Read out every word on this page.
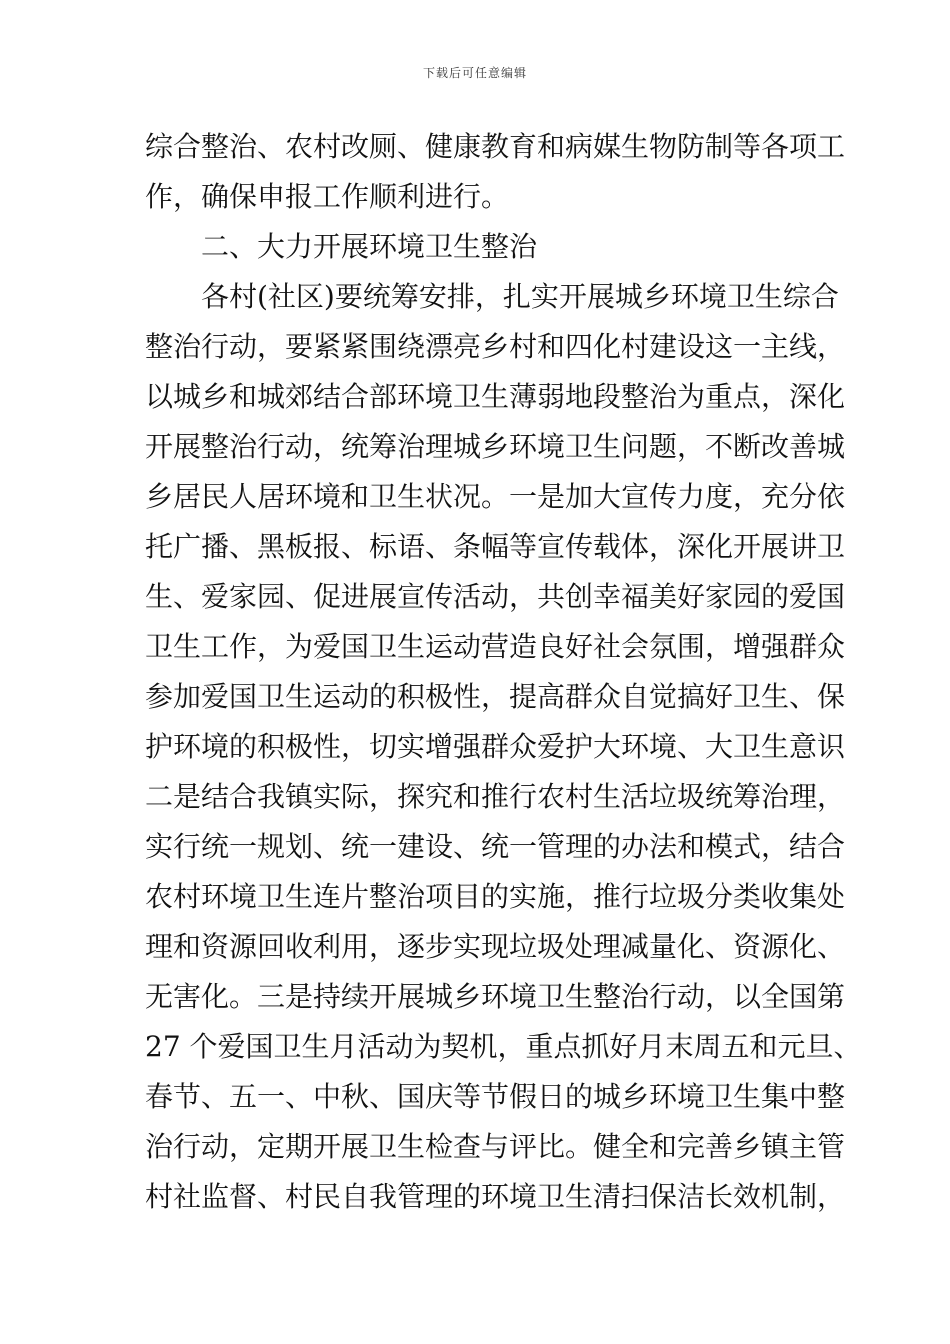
下载后可任意编辑
综合整治、农村改厕、健康教育和病媒生物防制等各项工
作，确保申报工作顺利进行。
二、大力开展环境卫生整治
各村(社区)要统筹安排，扎实开展城乡环境卫生综合
整治行动，要紧紧围绕漂亮乡村和四化村建设这一主线，
以城乡和城郊结合部环境卫生薄弱地段整治为重点，深化
开展整治行动，统筹治理城乡环境卫生问题，不断改善城
乡居民人居环境和卫生状况。一是加大宣传力度，充分依
托广播、黑板报、标语、条幅等宣传载体，深化开展讲卫
生、爱家园、促进展宣传活动，共创幸福美好家园的爱国
卫生工作，为爱国卫生运动营造良好社会氛围，增强群众
参加爱国卫生运动的积极性，提高群众自觉搞好卫生、保
护环境的积极性，切实增强群众爱护大环境、大卫生意识
二是结合我镇实际，探究和推行农村生活垃圾统筹治理，
实行统一规划、统一建设、统一管理的办法和模式，结合
农村环境卫生连片整治项目的实施，推行垃圾分类收集处
理和资源回收利用，逐步实现垃圾处理减量化、资源化、
无害化。三是持续开展城乡环境卫生整治行动，以全国第
27 个爱国卫生月活动为契机，重点抓好月末周五和元旦、
春节、五一、中秋、国庆等节假日的城乡环境卫生集中整
治行动，定期开展卫生检查与评比。健全和完善乡镇主管
村社监督、村民自我管理的环境卫生清扫保洁长效机制，
